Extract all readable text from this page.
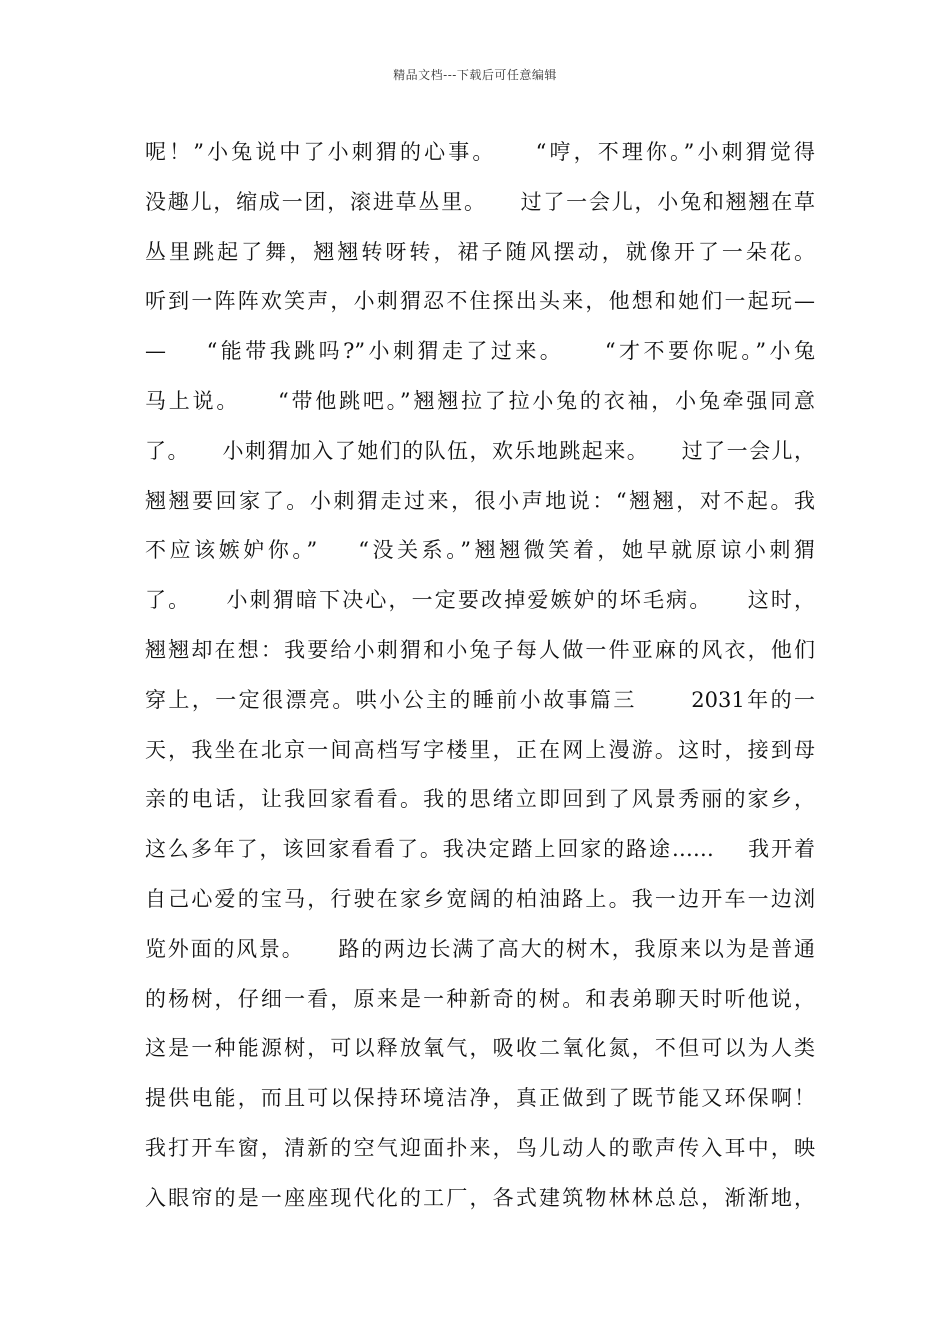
精品文档---下载后可任意编辑
呢！”小兔说中了小刺猬的心事。    “哼，不理你。”小刺猬觉得
没趣儿，缩成一团，滚进草丛里。    过了一会儿，小兔和翘翘在草
丛里跳起了舞，翘翘转呀转，裙子随风摆动，就像开了一朵花。
听到一阵阵欢笑声，小刺猬忍不住探出头来，他想和她们一起玩—
—    “能带我跳吗?”小刺猬走了过来。    “才不要你呢。”小兔
马上说。    “带他跳吧。”翘翘拉了拉小兔的衣袖，小兔牵强同意
了。    小刺猬加入了她们的队伍，欢乐地跳起来。    过了一会儿，
翘翘要回家了。小刺猬走过来，很小声地说：“翘翘，对不起。我
不应该嫉妒你。”    “没关系。”翘翘微笑着，她早就原谅小刺猬
了。    小刺猬暗下决心，一定要改掉爱嫉妒的坏毛病。    这时，
翘翘却在想：我要给小刺猬和小兔子每人做一件亚麻的风衣，他们
穿上，一定很漂亮。哄小公主的睡前小故事篇三      2031年的一
天，我坐在北京一间高档写字楼里，正在网上漫游。这时，接到母
亲的电话，让我回家看看。我的思绪立即回到了风景秀丽的家乡，
这么多年了，该回家看看了。我决定踏上回家的路途……    我开着
自己心爱的宝马，行驶在家乡宽阔的柏油路上。我一边开车一边浏
览外面的风景。    路的两边长满了高大的树木，我原来以为是普通
的杨树，仔细一看，原来是一种新奇的树。和表弟聊天时听他说，
这是一种能源树，可以释放氧气，吸收二氧化氮，不但可以为人类
提供电能，而且可以保持环境洁净，真正做到了既节能又环保啊！
我打开车窗，清新的空气迎面扑来，鸟儿动人的歌声传入耳中，映
入眼帘的是一座座现代化的工厂，各式建筑物林林总总，渐渐地，
